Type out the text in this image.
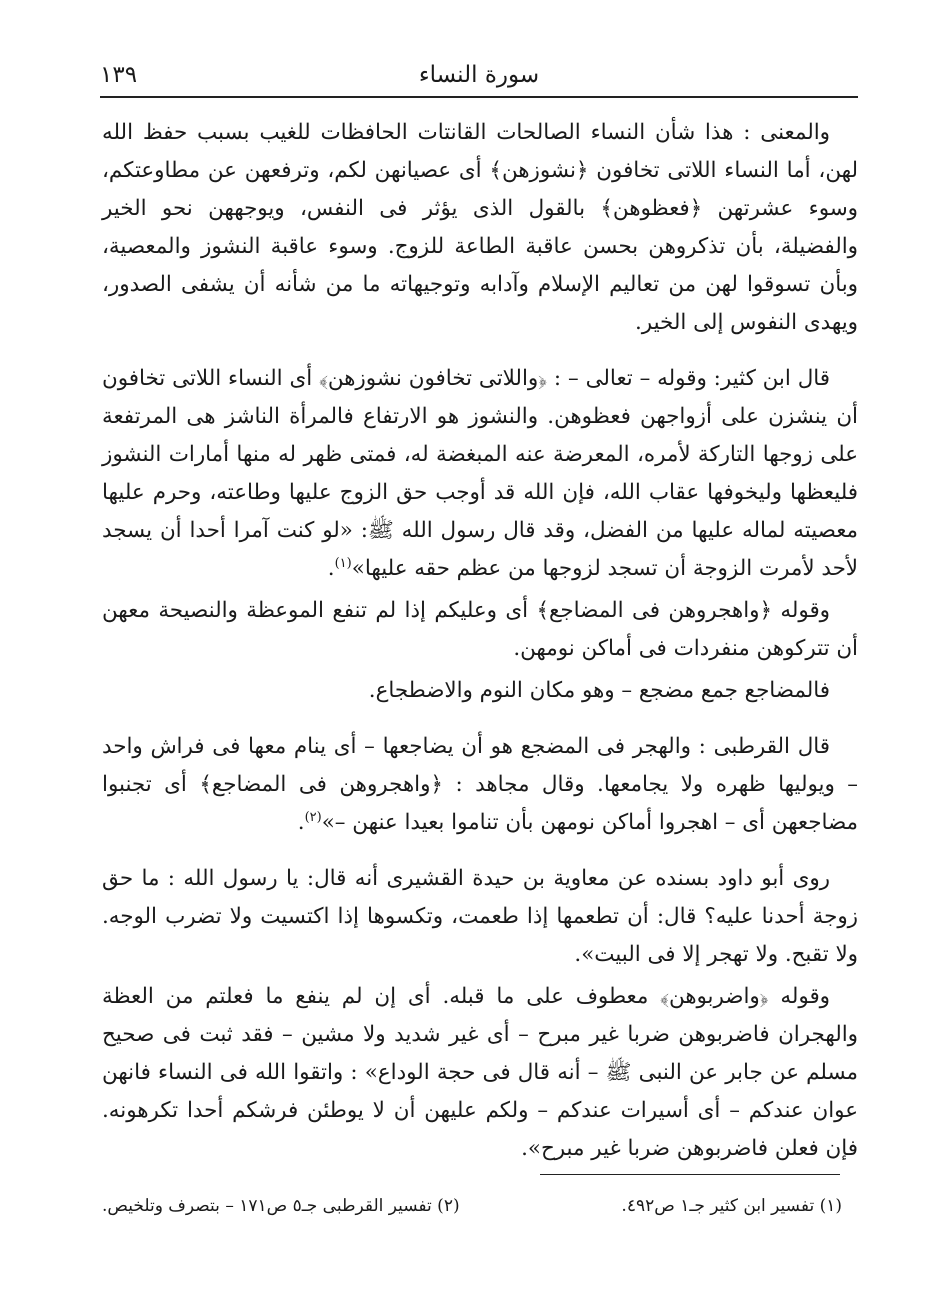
١٣٩	سورة النساء

والمعنى : هذا شأن النساء الصالحات القانتات الحافظات للغيب بسبب حفظ الله لهن، أما النساء اللاتى تخافون ﴿نشوزهن﴾ أى عصيانهن لكم، وترفعهن عن مطاوعتكم، وسوء عشرتهن ﴿فعظوهن﴾ بالقول الذى يؤثر فى النفس، ويوجههن نحو الخير والفضيلة، بأن تذكروهن بحسن عاقبة الطاعة للزوج. وسوء عاقبة النشوز والمعصية، وبأن تسوقوا لهن من تعاليم الإسلام وآدابه وتوجيهاته ما من شأنه أن يشفى الصدور، ويهدى النفوس إلى الخير.

قال ابن كثير: وقوله – تعالى – : ﴿واللاتى تخافون نشوزهن﴾ أى النساء اللاتى تخافون أن ينشزن على أزواجهن فعظوهن. والنشوز هو الارتفاع فالمرأة الناشز هى المرتفعة على زوجها التاركة لأمره، المعرضة عنه المبغضة له، فمتى ظهر له منها أمارات النشوز فليعظها وليخوفها عقاب الله، فإن الله قد أوجب حق الزوج عليها وطاعته، وحرم عليها معصيته لماله عليها من الفضل، وقد قال رسول الله ﷺ: «لو كنت آمرا أحدا أن يسجد لأحد لأمرت الزوجة أن تسجد لزوجها من عظم حقه عليها»$^{(١)}$.

وقوله ﴿واهجروهن فى المضاجع﴾ أى وعليكم إذا لم تنفع الموعظة والنصيحة معهن أن تتركوهن منفردات فى أماكن نومهن.

فالمضاجع جمع مضجع – وهو مكان النوم والاضطجاع.

قال القرطبى : والهجر فى المضجع هو أن يضاجعها – أى ينام معها فى فراش واحد – ويوليها ظهره ولا يجامعها. وقال مجاهد : ﴿واهجروهن فى المضاجع﴾ أى تجنبوا مضاجعهن أى – اهجروا أماكن نومهن بأن تناموا بعيدا عنهن –»$^{(٢)}$.

روى أبو داود بسنده عن معاوية بن حيدة القشيرى أنه قال: يا رسول الله : ما حق زوجة أحدنا عليه؟ قال: أن تطعمها إذا طعمت، وتكسوها إذا اكتسيت ولا تضرب الوجه. ولا تقبح. ولا تهجر إلا فى البيت».

وقوله ﴿واضربوهن﴾ معطوف على ما قبله. أى إن لم ينفع ما فعلتم من العظة والهجران فاضربوهن ضربا غير مبرح – أى غير شديد ولا مشين – فقد ثبت فى صحيح مسلم عن جابر عن النبى ﷺ – أنه قال فى حجة الوداع» : واتقوا الله فى النساء فانهن عوان عندكم – أى أسيرات عندكم – ولكم عليهن أن لا يوطئن فرشكم أحدا تكرهونه. فإن فعلن فاضربوهن ضربا غير مبرح».

(١) تفسير ابن كثير جـ١ ص٤٩٢.
(٢) تفسير القرطبى جـ٥ ص١٧١ – بتصرف وتلخيص.
